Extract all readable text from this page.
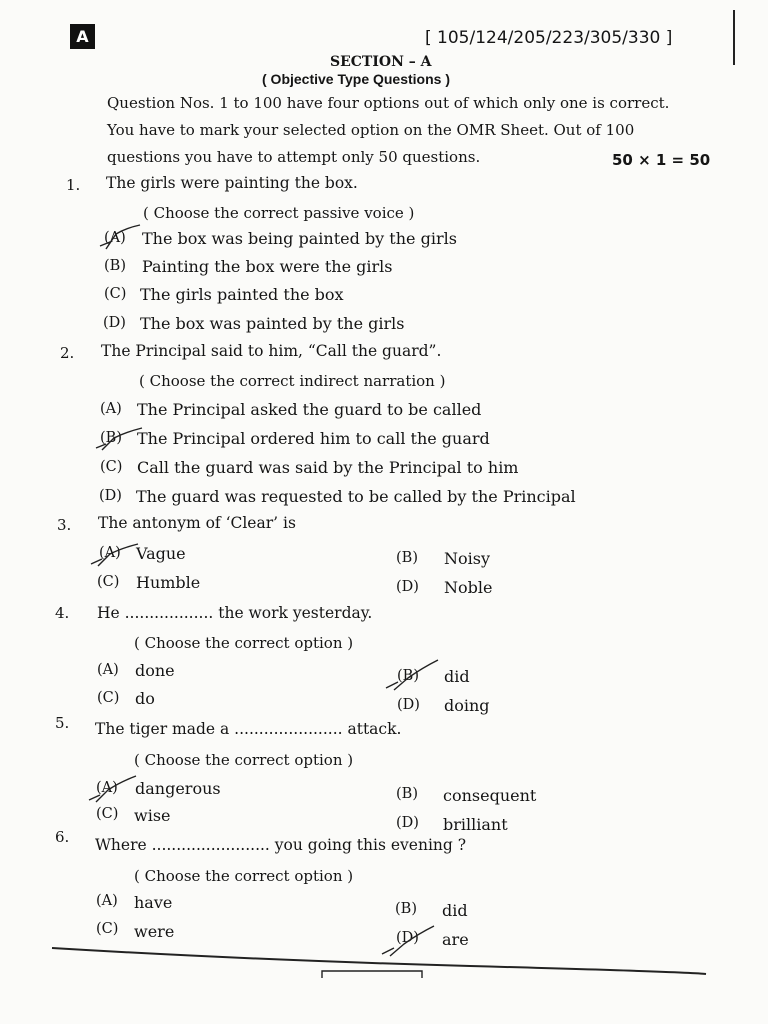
A	[ 105/124/205/223/305/330 ]
SECTION – A
( Objective Type Questions )
Question Nos. 1 to 100 have four options out of which only one is correct.
You have to mark your selected option on the OMR Sheet. Out of 100
questions you have to attempt only 50 questions.	50 × 1 = 50
1. The girls were painting the box.
( Choose the correct passive voice )
(A) The box was being painted by the girls
(B) Painting the box were the girls
(C) The girls painted the box
(D) The box was painted by the girls
2. The Principal said to him, “Call the guard”.
( Choose the correct indirect narration )
(A) The Principal asked the guard to be called
(B) The Principal ordered him to call the guard
(C) Call the guard was said by the Principal to him
(D) The guard was requested to be called by the Principal
3. The antonym of ‘Clear’ is
(A) Vague	(B) Noisy
(C) Humble	(D) Noble
4. He .................. the work yesterday.
( Choose the correct option )
(A) done	(B) did
(C) do	(D) doing
5. The tiger made a ...................... attack.
( Choose the correct option )
(A) dangerous	(B) consequent
(C) wise	(D) brilliant
6. Where ........................ you going this evening ?
( Choose the correct option )
(A) have	(B) did
(C) were	(D) are
